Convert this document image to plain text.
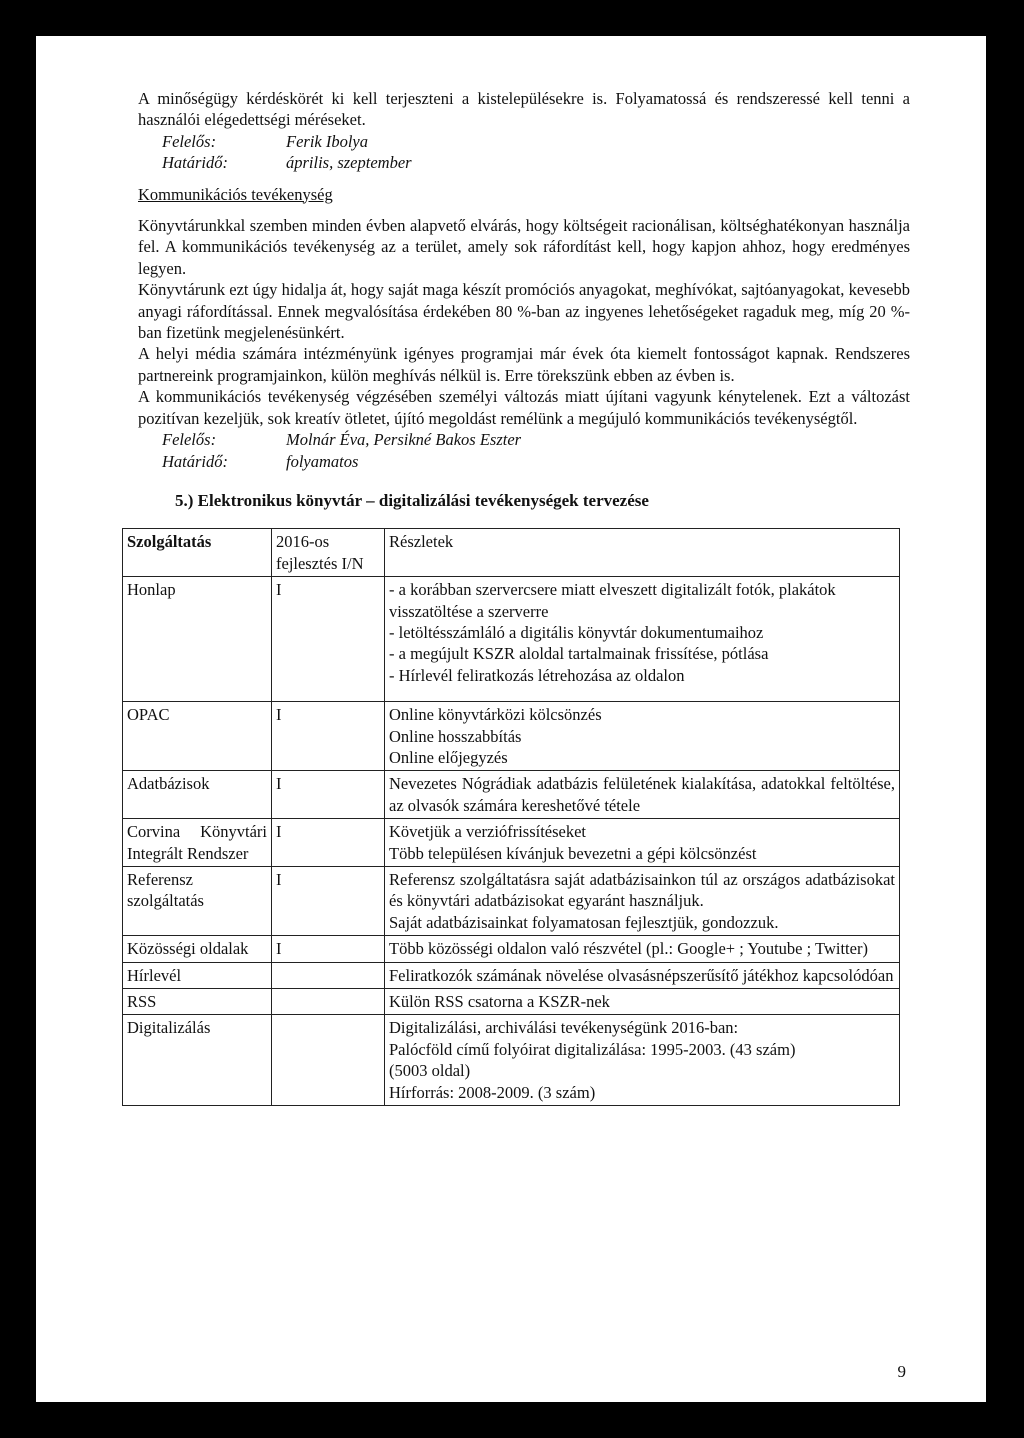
A minőségügy kérdéskörét ki kell terjeszteni a kistelepülésekre is. Folyamatossá és rendszeressé kell tenni a használói elégedettségi méréseket.

Felelős:	Ferik Ibolya
Határidő:	április, szeptember

Kommunikációs tevékenység

Könyvtárunkkal szemben minden évben alapvető elvárás, hogy költségeit racionálisan, költséghatékonyan használja fel. A kommunikációs tevékenység az a terület, amely sok ráfordítást kell, hogy kapjon ahhoz, hogy eredményes legyen.

Könyvtárunk ezt úgy hidalja át, hogy saját maga készít promóciós anyagokat, meghívókat, sajtóanyagokat, kevesebb anyagi ráfordítással. Ennek megvalósítása érdekében 80 %-ban az ingyenes lehetőségeket ragaduk meg, míg 20 %-ban fizetünk megjelenésünkért.

A helyi média számára intézményünk igényes programjai már évek óta kiemelt fontosságot kapnak. Rendszeres partnereink programjainkon, külön meghívás nélkül is. Erre törekszünk ebben az évben is.

A kommunikációs tevékenység végzésében személyi változás miatt újítani vagyunk kénytelenek. Ezt a változást pozitívan kezeljük, sok kreatív ötletet, újító megoldást remélünk a megújuló kommunikációs tevékenységtől.

Felelős:	Molnár Éva, Persikné Bakos Eszter
Határidő:	folyamatos
5.) Elektronikus könyvtár – digitalizálási tevékenységek tervezése
Szolgáltatás	2016-os fejlesztés I/N	Részletek
Honlap	I	- a korábban szervercsere miatt elveszett digitalizált fotók, plakátok visszatöltése a szerverre
- letöltésszámláló a digitális könyvtár dokumentumaihoz
- a megújult KSZR aloldal tartalmainak frissítése, pótlása
- Hírlevél feliratkozás létrehozása az oldalon

OPAC	I	Online könyvtárközi kölcsönzés
Online hosszabbítás
Online előjegyzés

Adatbázisok	I	Nevezetes Nógrádiak adatbázis felületének kialakítása, adatokkal feltöltése, az olvasók számára kereshetővé tétele

Corvina Könyvtári Integrált Rendszer	I	Követjük a verziófrissítéseket
Több településen kívánjuk bevezetni a gépi kölcsönzést

Referensz szolgáltatás	I	Referensz szolgáltatásra saját adatbázisainkon túl az országos adatbázisokat és könyvtári adatbázisokat egyaránt használjuk.
Saját adatbázisainkat folyamatosan fejlesztjük, gondozzuk.

Közösségi oldalak	I	Több közösségi oldalon való részvétel (pl.: Google+ ; Youtube ; Twitter)

Hírlevél		Feliratkozók számának növelése olvasásnépszerűsítő játékhoz kapcsolódóan

RSS		Külön RSS csatorna a KSZR-nek

Digitalizálás		Digitalizálási, archiválási tevékenységünk 2016-ban:
Palócföld című folyóirat digitalizálása: 1995-2003. (43 szám)
(5003 oldal)
Hírforrás: 2008-2009. (3 szám)
9
